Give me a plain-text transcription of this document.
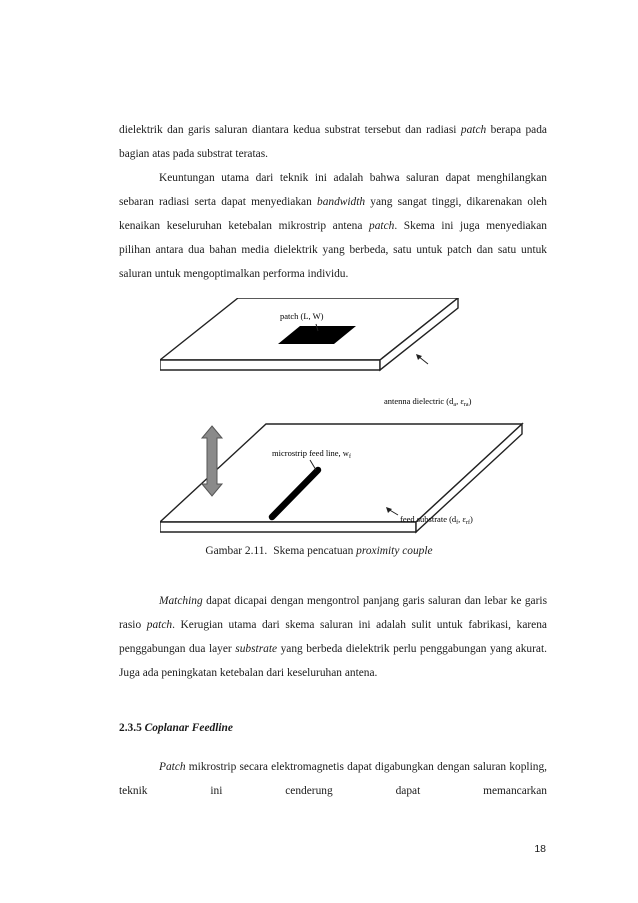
dielektrik dan garis saluran diantara kedua substrat tersebut dan radiasi patch berapa pada bagian atas pada substrat teratas.

Keuntungan utama dari teknik ini adalah bahwa saluran dapat menghilangkan sebaran radiasi serta dapat menyediakan bandwidth yang sangat tinggi, dikarenakan oleh kenaikan keseluruhan ketebalan mikrostrip antena patch. Skema ini juga menyediakan pilihan antara dua bahan media dielektrik yang berbeda, satu untuk patch dan satu untuk saluran untuk mengoptimalkan performa individu.

patch (L, W)
antenna dielectric ($d_a$, $\varepsilon_{ra}$)
microstrip feed line, $w_f$
feed substrate ($d_f$, $\varepsilon_{rf}$)
Gambar 2.11. Skema pencatuan proximity couple

Matching dapat dicapai dengan mengontrol panjang garis saluran dan lebar ke garis rasio patch. Kerugian utama dari skema saluran ini adalah sulit untuk fabrikasi, karena penggabungan dua layer substrate yang berbeda dielektrik perlu penggabungan yang akurat. Juga ada peningkatan ketebalan dari keseluruhan antena.

2.3.5 Coplanar Feedline

Patch mikrostrip secara elektromagnetis dapat digabungkan dengan saluran kopling, teknik ini cenderung dapat memancarkan

18
